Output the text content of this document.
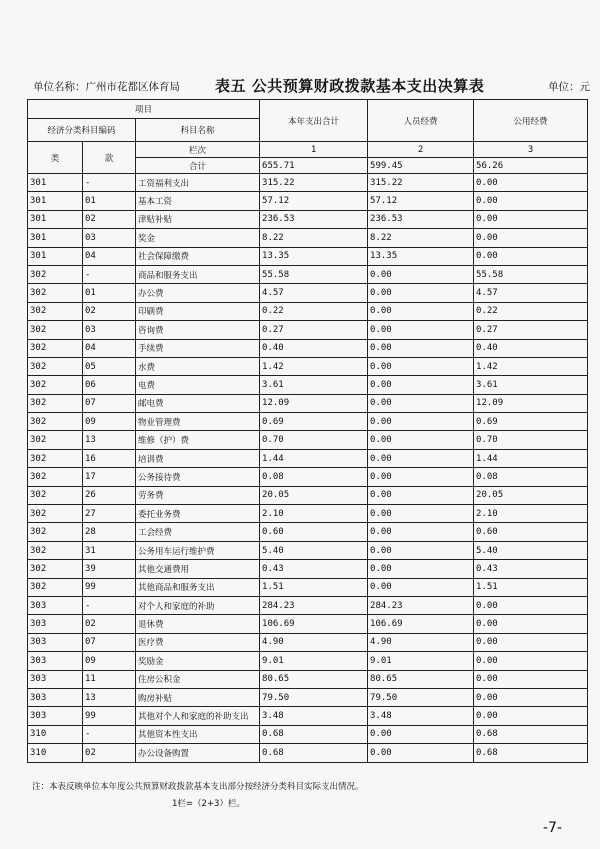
单位名称：广州市花都区体育局 表五 公共预算财政拨款基本支出决算表	单位：元
项目			本年支出合计	人员经费	公用经费
经济分类科目编码		科目名称			
类	款	栏次	1	2	3
		合计	655.71	599.45	56.26
301	-	工资福利支出	315.22	315.22	0.00
301	01	基本工资	57.12	57.12	0.00
301	02	津贴补贴	236.53	236.53	0.00
301	03	奖金	8.22	8.22	0.00
301	04	社会保障缴费	13.35	13.35	0.00
302	-	商品和服务支出	55.58	0.00	55.58
302	01	办公费	4.57	0.00	4.57
302	02	印刷费	0.22	0.00	0.22
302	03	咨询费	0.27	0.00	0.27
302	04	手续费	0.40	0.00	0.40
302	05	水费	1.42	0.00	1.42
302	06	电费	3.61	0.00	3.61
302	07	邮电费	12.09	0.00	12.09
302	09	物业管理费	0.69	0.00	0.69
302	13	维修（护）费	0.70	0.00	0.70
302	16	培训费	1.44	0.00	1.44
302	17	公务接待费	0.08	0.00	0.08
302	26	劳务费	20.05	0.00	20.05
302	27	委托业务费	2.10	0.00	2.10
302	28	工会经费	0.60	0.00	0.60
302	31	公务用车运行维护费	5.40	0.00	5.40
302	39	其他交通费用	0.43	0.00	0.43
302	99	其他商品和服务支出	1.51	0.00	1.51
303	-	对个人和家庭的补助	284.23	284.23	0.00
303	02	退休费	106.69	106.69	0.00
303	07	医疗费	4.90	4.90	0.00
303	09	奖励金	9.01	9.01	0.00
303	11	住房公积金	80.65	80.65	0.00
303	13	购房补贴	79.50	79.50	0.00
303	99	其他对个人和家庭的补助支出	3.48	3.48	0.00
310	-	其他资本性支出	0.68	0.00	0.68
310	02	办公设备购置	0.68	0.00	0.68
注：本表反映单位本年度公共预算财政拨款基本支出部分按经济分类科目实际支出情况。
1栏=（2+3）栏。
-7-
